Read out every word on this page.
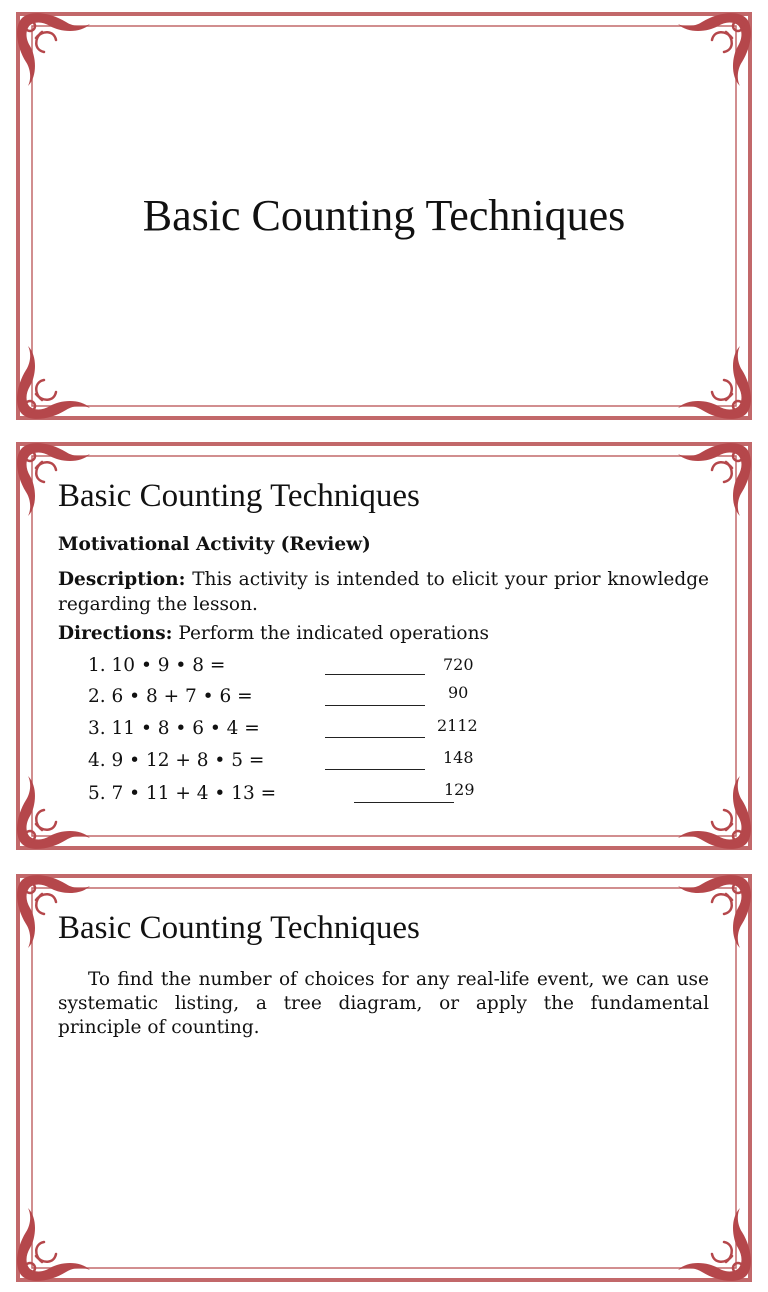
Basic Counting Techniques
Basic Counting Techniques

Motivational Activity (Review)

Description: This activity is intended to elicit your prior knowledge regarding the lesson.

Directions: Perform the indicated operations

1. 10 • 9 • 8 =	720
2. 6 • 8 + 7 • 6 =	90
3. 11 • 8 • 6 • 4 =	2112
4. 9 • 12 + 8 • 5 =	148
5. 7 • 11 + 4 • 13 =	129
Basic Counting Techniques

To find the number of choices for any real-life event, we can use systematic listing, a tree diagram, or apply the fundamental principle of counting.
